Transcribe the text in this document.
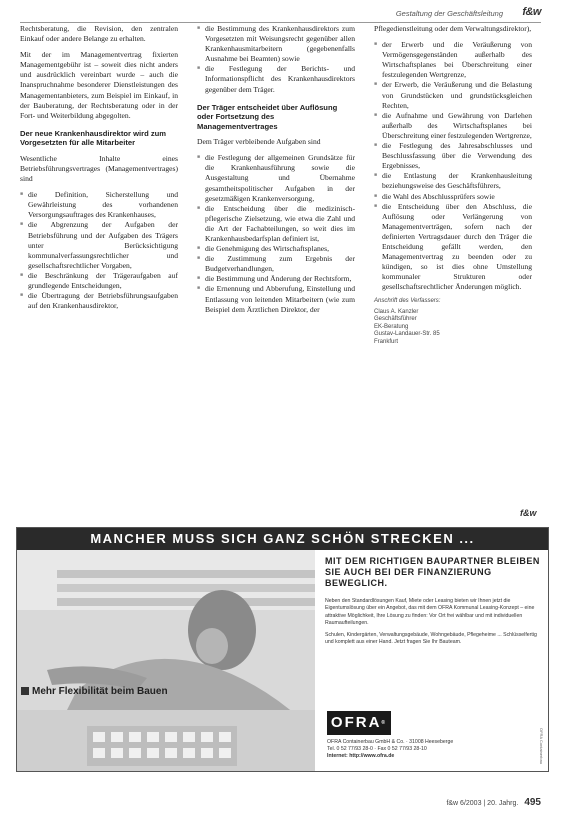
Gestaltung der Geschäftsleitung f&w

Rechtsberatung, die Revision, den zentralen Einkauf oder andere Belange zu erhalten.

Mit der im Managementvertrag fixierten Managementgebühr ist – soweit dies nicht anders und ausdrücklich vereinbart wurde – auch die Inanspruchnahme besonderer Dienstleistungen des Managementanbieters, zum Beispiel im Einkauf, in der Bauberatung, der Rechtsberatung oder in der Fort- und Weiterbildung abgegolten.

Der neue Krankenhausdirektor wird zum Vorgesetzten für alle Mitarbeiter

Wesentliche Inhalte eines Betriebsführungsvertrages (Managementvertrages) sind

■ die Definition, Sicherstellung und Gewährleistung des vorhandenen Versorgungsauftrages des Krankenhauses,
■ die Abgrenzung der Aufgaben der Betriebsführung und der Aufgaben des Trägers unter Berücksichtigung kommunalverfassungsrechtlicher und gesellschaftsrechtlicher Vorgaben,
■ die Beschränkung der Trägeraufgaben auf grundlegende Entscheidungen,
■ die Übertragung der Betriebsführungsaufgaben auf den Krankenhausdirektor,
■ die Bestimmung des Krankenhausdirektors zum Vorgesetzten mit Weisungsrecht gegenüber allen Krankenhausmitarbeitern (gegebenenfalls Ausnahme bei Beamten) sowie
■ die Festlegung der Berichts- und Informationspflicht des Krankenhausdirektors gegenüber dem Träger.
Der Träger entscheidet über Auflösung oder Fortsetzung des Managementvertrages

Dem Träger verbleibende Aufgaben sind

■ die Festlegung der allgemeinen Grundsätze für die Krankenhausführung sowie die Ausgestaltung und Übernahme gesamtheitspolitischer Aufgaben in der gesetzmäßigen Krankenversorgung,
■ die Entscheidung über die medizinisch-pflegerische Zielsetzung, wie etwa die Zahl und die Art der Fachabteilungen, so weit dies im Krankenhausbedarfsplan definiert ist,
■ die Genehmigung des Wirtschaftsplanes,
■ die Zustimmung zum Ergebnis der Budgetverhandlungen,
■ die Bestimmung und Änderung der Rechtsform,
■ die Ernennung und Abberufung, Einstellung und Entlassung von leitenden Mitarbeitern (wie zum Beispiel dem Ärztlichen Direktor, der

Pflegedienstleitung oder dem Verwaltungsdirektor),

■ der Erwerb und die Veräußerung von Vermögensgegenständen außerhalb des Wirtschaftsplanes bei Überschreitung einer festzulegenden Wertgrenze,
■ der Erwerb, die Veräußerung und die Belastung von Grundstücken und grundstücksgleichen Rechten,
■ die Aufnahme und Gewährung von Darlehen außerhalb des Wirtschaftsplanes bei Überschreitung einer festzulegenden Wertgrenze,
■ die Festlegung des Jahresabschlusses und Beschlussfassung über die Verwendung des Ergebnisses,
■ die Entlastung der Krankenhausleitung beziehungsweise des Geschäftsführers,
■ die Wahl des Abschlussprüfers sowie
■ die Entscheidung über den Abschluss, die Auflösung oder Verlängerung von Managementverträgen, sofern nach der definierten Vertragsdauer durch den Träger die Entscheidung gefällt werden, den Managementvertrag zu beenden oder zu kündigen, so ist dies ohne Umstellung kommunaler Strukturen oder gesellschaftsrechtlicher Änderungen möglich.
Anschrift des Verfassers:
Claus A. Kanzler
Geschäftsführer
EK-Beratung
Gustav-Landauer-Str. 85
Frankfurt
f&w
MANCHER MUSS SICH GANZ SCHÖN STRECKEN ...
Mehr Flexibilität beim Bauen
MIT DEM RICHTIGEN BAUPARTNER BLEIBEN SIE AUCH BEI DER FINANZIERUNG BEWEGLICH.

Neben den Standardlösungen Kauf, Miete oder Leasing bieten wir Ihnen jetzt die Eigentumslösung über ein Angebot, das mit dem OFRA Kommunal Leasing-Konzept – eine attraktive Möglichkeit, Ihre Lösung zu finden: Vor Ort frei wählbar und mit individuellen Raumaufteilungen.

Schulen, Kindergärten, Verwaltungsgebäude, Wohngebäude, Pflegeheime ... Schlüsselfertig und komplett aus einer Hand. Jetzt fragen Sie Ihr Bauteam.

OFRA®
OFRA Containerbau GmbH & Co. · 31008 Heeseberge
Tel. 0 52 77/93 28-0 · Fax 0 52 77/93 28-10
Internet: http://www.ofra.de	OFRA Containerbau
f&w 6/2003 | 20. Jahrg. 495
